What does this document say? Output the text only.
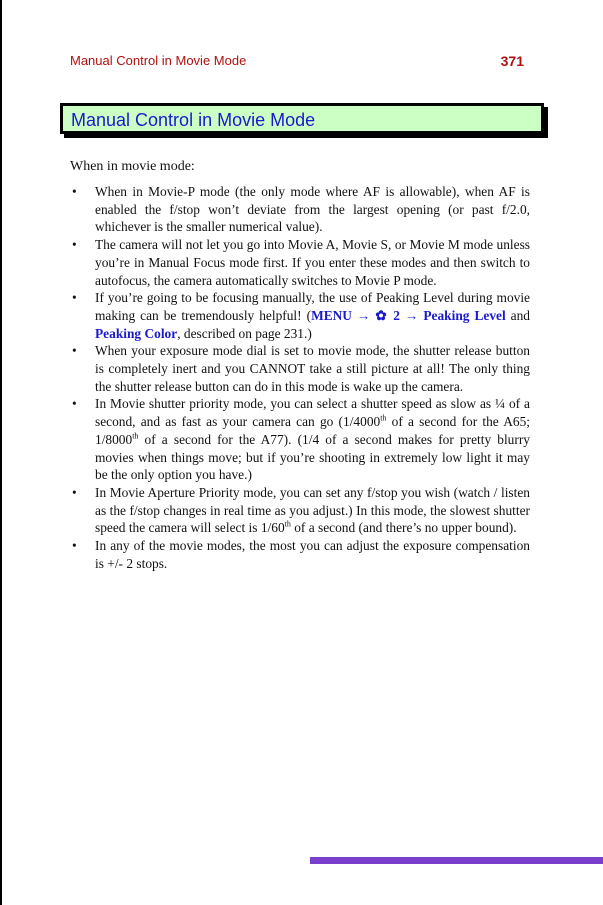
Manual Control in Movie Mode	371
Manual Control in Movie Mode

When in movie mode:

• When in Movie-P mode (the only mode where AF is allowable), when AF is enabled the f/stop won’t deviate from the largest opening (or past f/2.0, whichever is the smaller numerical value).
• The camera will not let you go into Movie A, Movie S, or Movie M mode unless you’re in Manual Focus mode first. If you enter these modes and then switch to autofocus, the camera automatically switches to Movie P mode.
• If you’re going to be focusing manually, the use of Peaking Level during movie making can be tremendously helpful! (MENU → ✿ 2 → Peaking Level and Peaking Color, described on page 231.)
• When your exposure mode dial is set to movie mode, the shutter release button is completely inert and you CANNOT take a still picture at all! The only thing the shutter release button can do in this mode is wake up the camera.
• In Movie shutter priority mode, you can select a shutter speed as slow as ¼ of a second, and as fast as your camera can go (1/4000th of a second for the A65; 1/8000th of a second for the A77). (1/4 of a second makes for pretty blurry movies when things move; but if you’re shooting in extremely low light it may be the only option you have.)
• In Movie Aperture Priority mode, you can set any f/stop you wish (watch / listen as the f/stop changes in real time as you adjust.) In this mode, the slowest shutter speed the camera will select is 1/60th of a second (and there’s no upper bound).
• In any of the movie modes, the most you can adjust the exposure compensation is +/- 2 stops.
